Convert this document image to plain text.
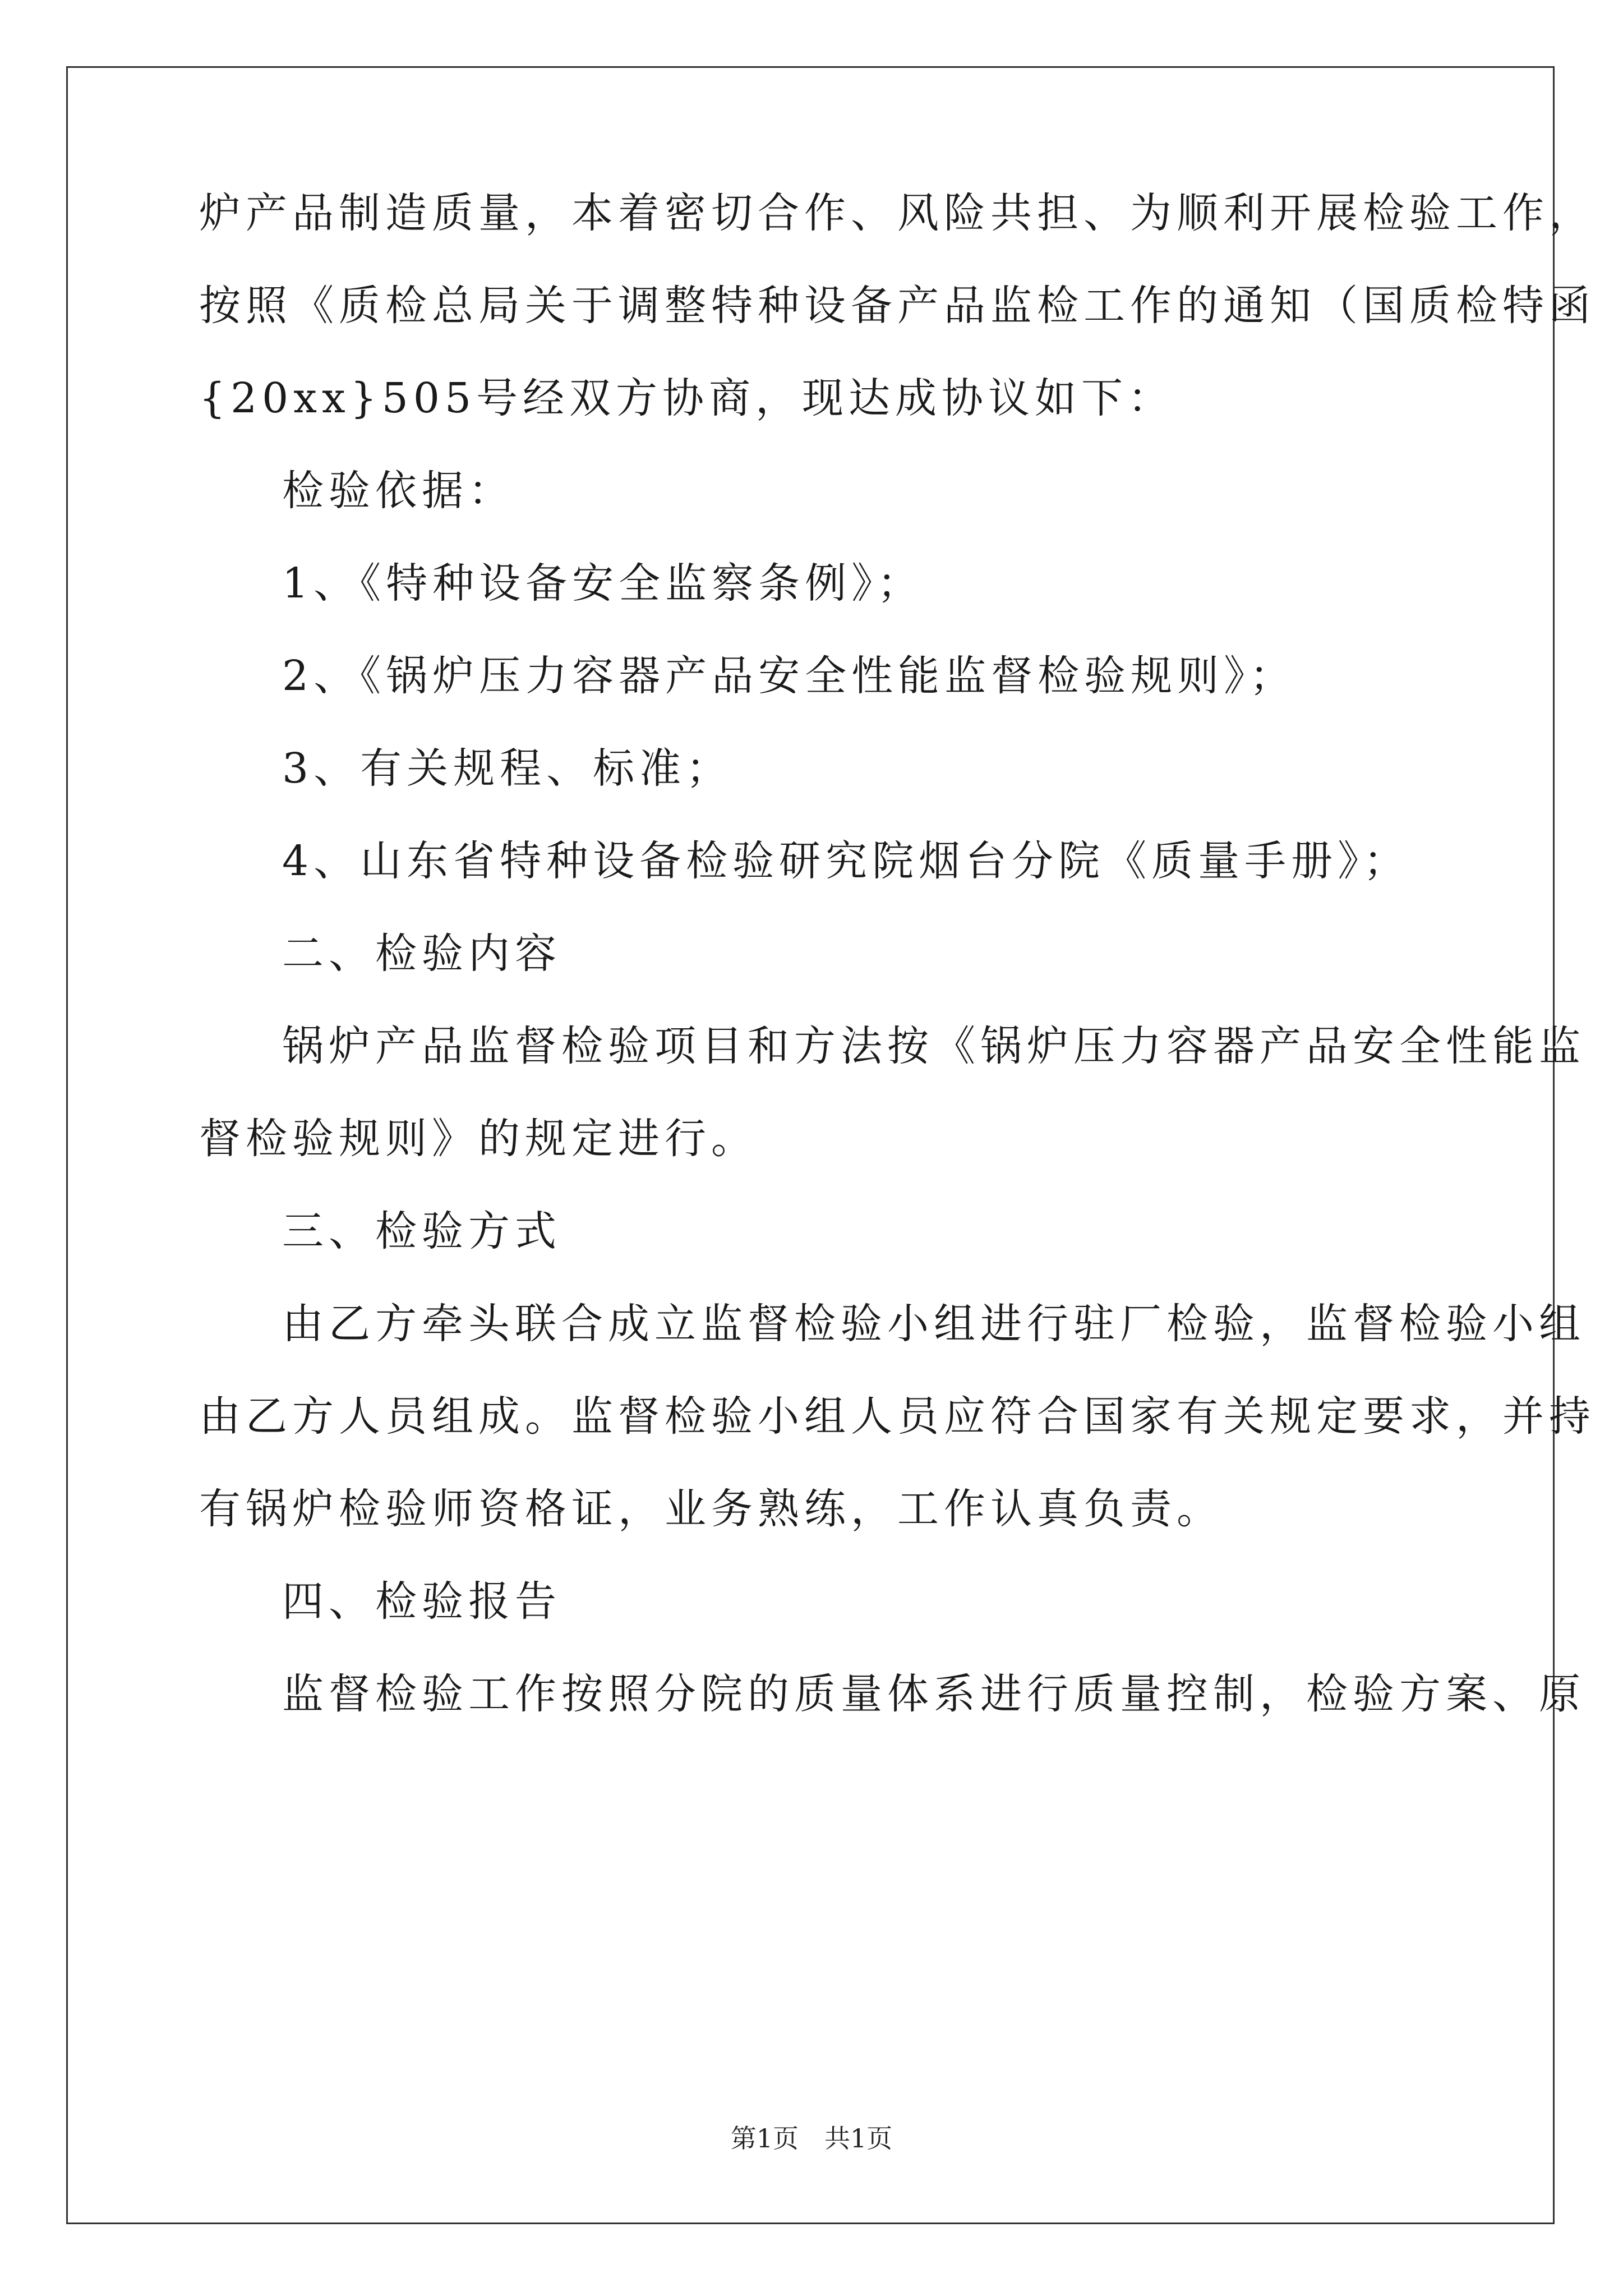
炉产品制造质量，本着密切合作、风险共担、为顺利开展检验工作，
按照《质检总局关于调整特种设备产品监检工作的通知（国质检特函
{20xx}505号经双方协商，现达成协议如下：
检验依据：
1、《特种设备安全监察条例》；
2、《锅炉压力容器产品安全性能监督检验规则》；
3、有关规程、标准；
4、山东省特种设备检验研究院烟台分院《质量手册》；
二、检验内容
锅炉产品监督检验项目和方法按《锅炉压力容器产品安全性能监
督检验规则》的规定进行。
三、检验方式
由乙方牵头联合成立监督检验小组进行驻厂检验，监督检验小组
由乙方人员组成。监督检验小组人员应符合国家有关规定要求，并持
有锅炉检验师资格证，业务熟练，工作认真负责。
四、检验报告
监督检验工作按照分院的质量体系进行质量控制，检验方案、原
第1页　共1页
